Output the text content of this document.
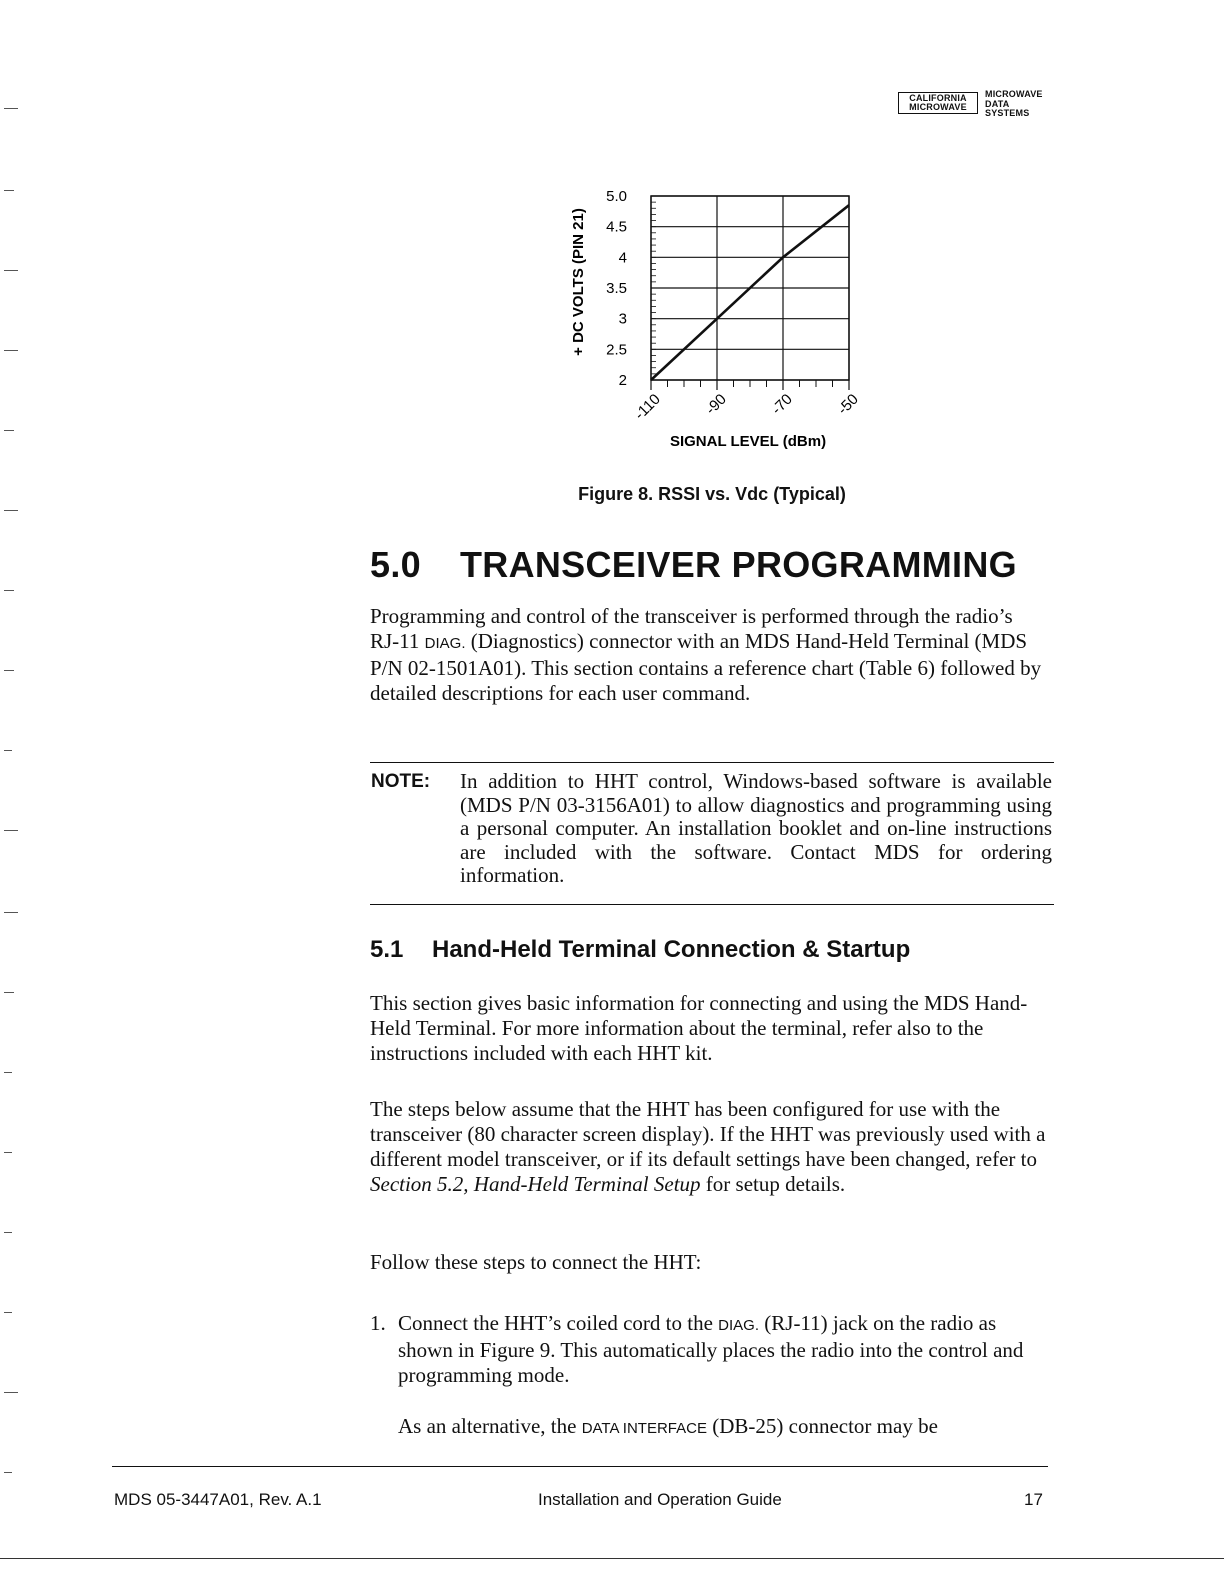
CALIFORNIA
MICROWAVE
MICROWAVE
DATA
SYSTEMS
2
2.5
3
3.5
4
4.5
5.0
-110	-90	-70	-50
+ DC VOLTS (PIN 21)
SIGNAL LEVEL (dBm)
Figure 8. RSSI vs. Vdc (Typical)
5.0 TRANSCEIVER PROGRAMMING
Programming and control of the transceiver is performed through the radio’s RJ-11 DIAG. (Diagnostics) connector with an MDS Hand-Held Terminal (MDS P/N 02-1501A01). This section contains a reference chart (Table 6) followed by detailed descriptions for each user command.
NOTE: In addition to HHT control, Windows-based software is available (MDS P/N 03-3156A01) to allow diagnostics and programming using a personal computer. An installation booklet and on-line instructions are included with the software. Contact MDS for ordering information.
5.1 Hand-Held Terminal Connection & Startup
This section gives basic information for connecting and using the MDS Hand-Held Terminal. For more information about the terminal, refer also to the instructions included with each HHT kit.
The steps below assume that the HHT has been configured for use with the transceiver (80 character screen display). If the HHT was previously used with a different model transceiver, or if its default settings have been changed, refer to Section 5.2, Hand-Held Terminal Setup for setup details.
Follow these steps to connect the HHT:
1. Connect the HHT’s coiled cord to the DIAG. (RJ-11) jack on the radio as shown in Figure 9. This automatically places the radio into the control and programming mode.
As an alternative, the DATA INTERFACE (DB-25) connector may be
MDS 05-3447A01, Rev. A.1	Installation and Operation Guide	17
